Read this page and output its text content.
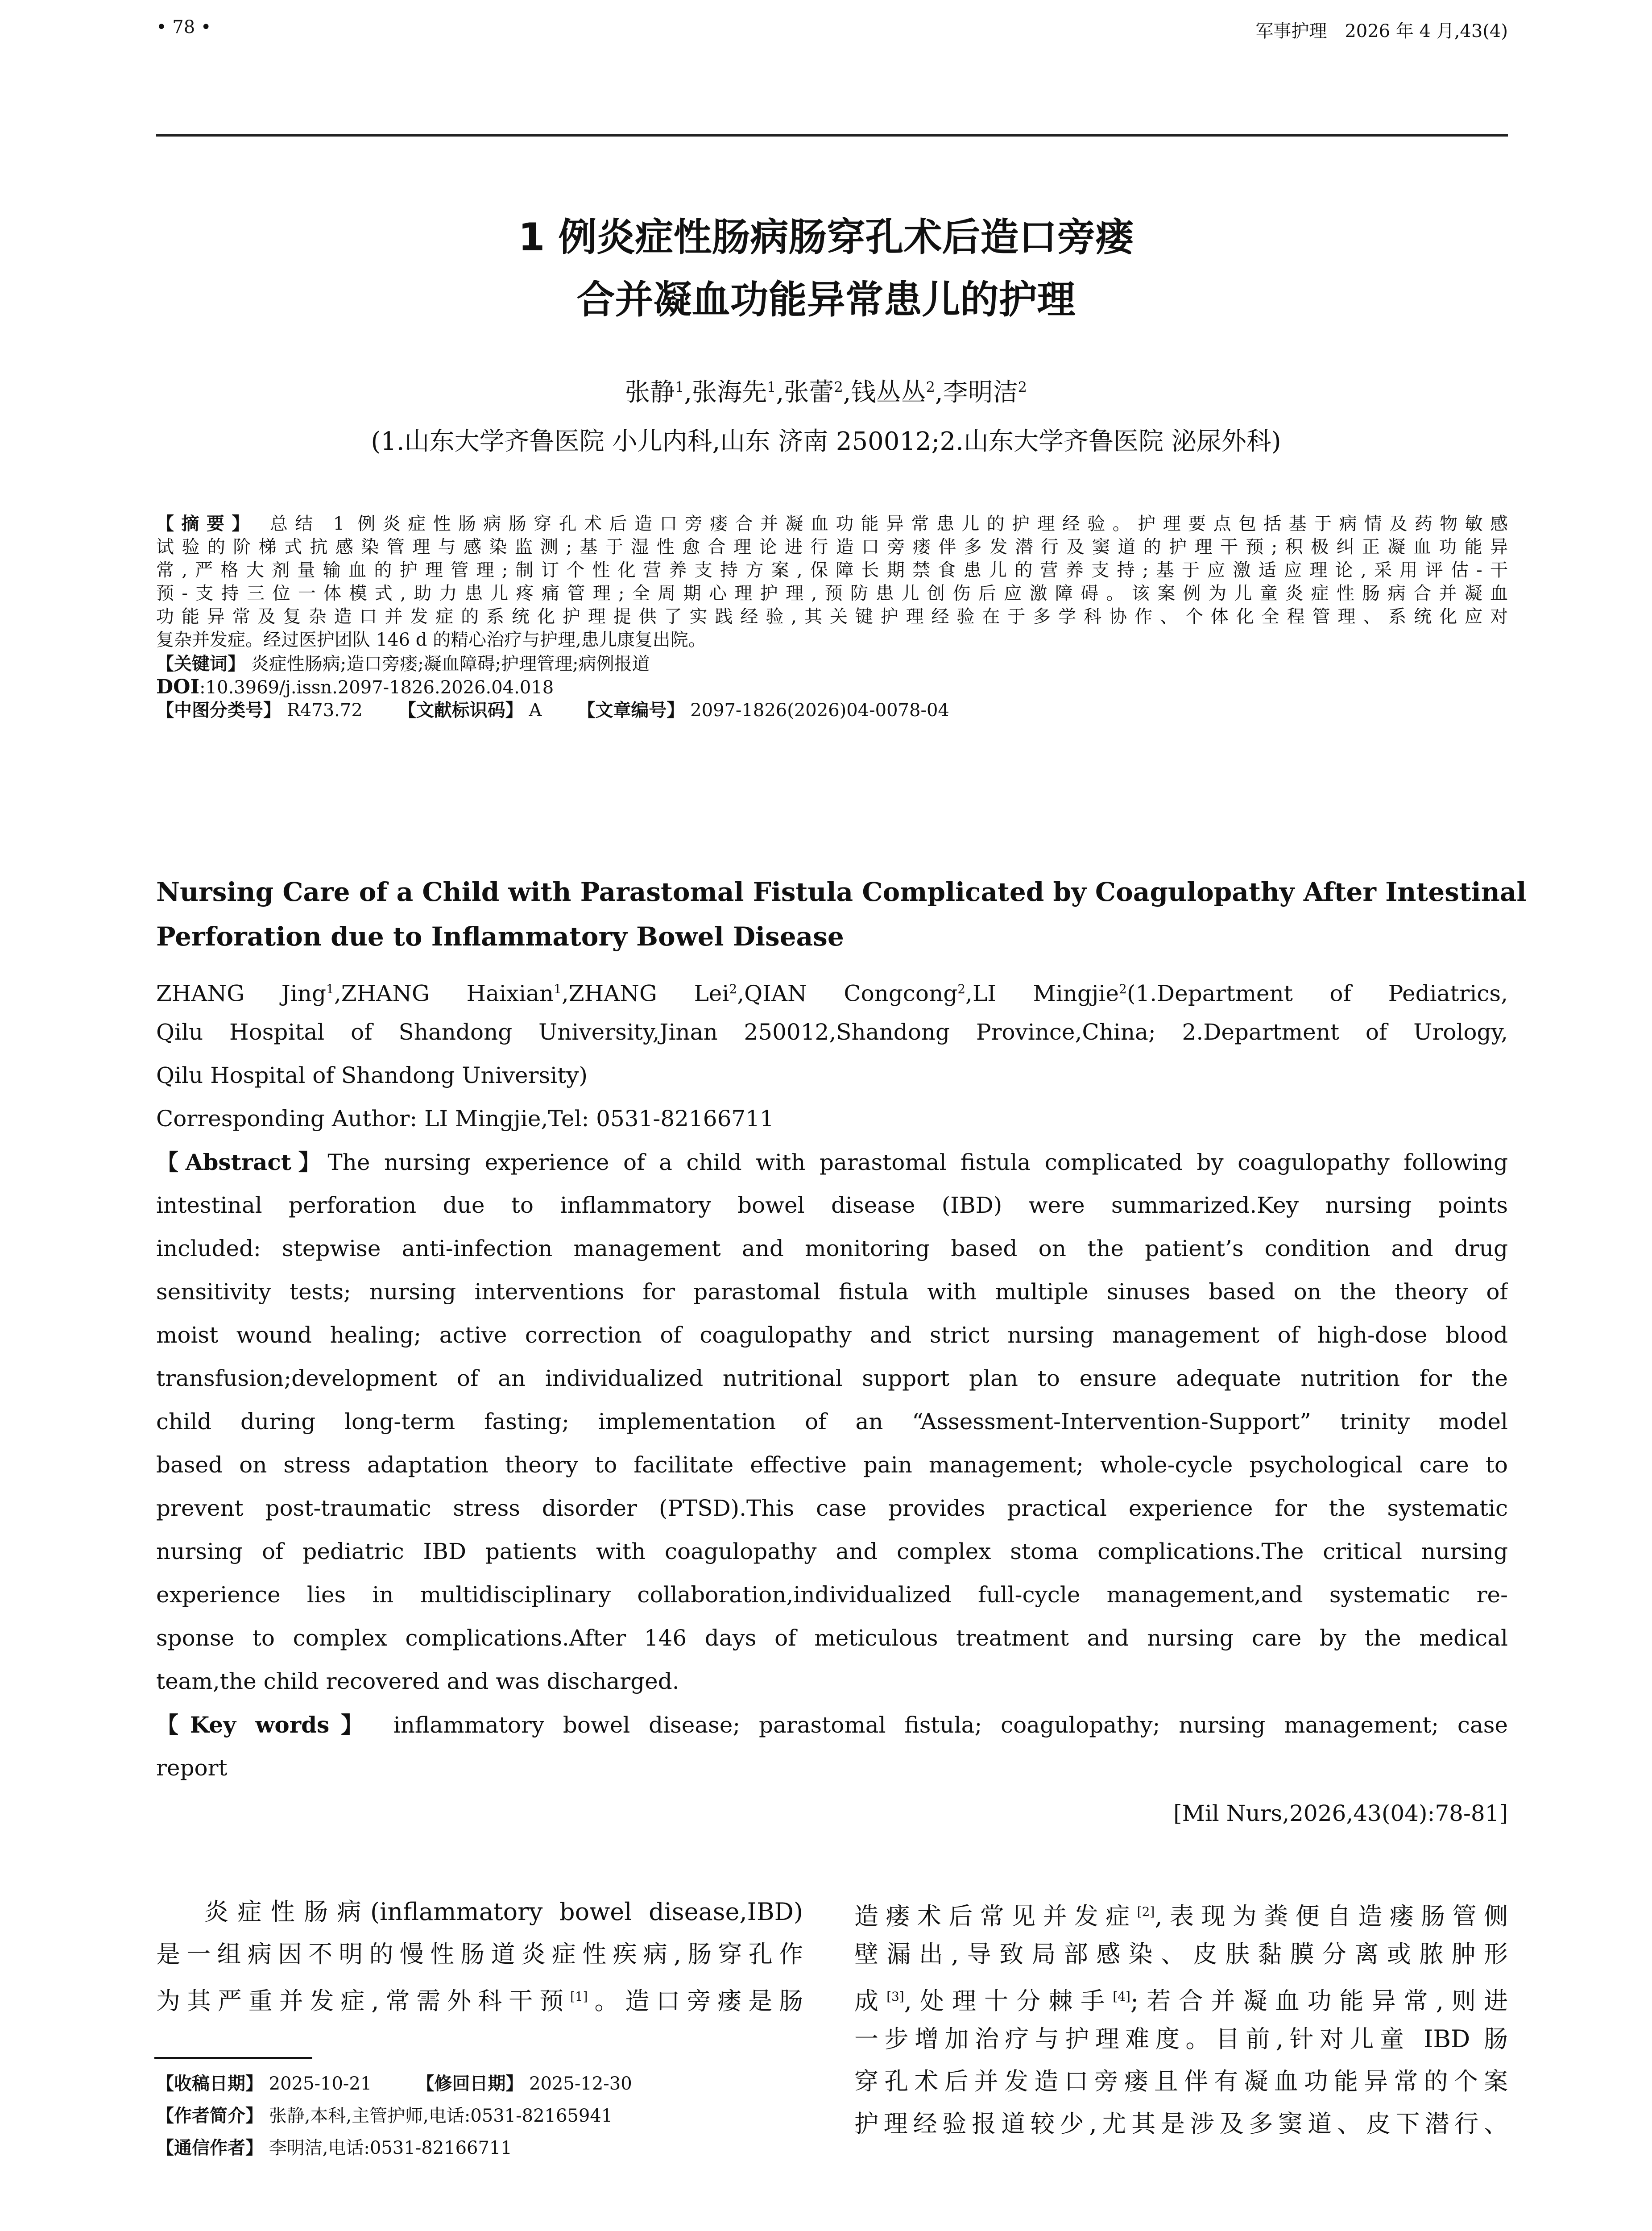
• 78 •	军事护理 2026 年 4 月,43(4)
1 例炎症性肠病肠穿孔术后造口旁瘘
合并凝血功能异常患儿的护理
张静$^1$,张海先$^1$,张蕾$^2$,钱丛丛$^2$,李明洁$^2$
(1.山东大学齐鲁医院 小儿内科,山东 济南 250012;2.山东大学齐鲁医院 泌尿外科)
【摘要】 总结 1 例炎症性肠病肠穿孔术后造口旁瘘合并凝血功能异常患儿的护理经验。护理要点包括基于病情及药物敏感
试验的阶梯式抗感染管理与感染监测;基于湿性愈合理论进行造口旁瘘伴多发潜行及窦道的护理干预;积极纠正凝血功能异
常,严格大剂量输血的护理管理;制订个性化营养支持方案,保障长期禁食患儿的营养支持;基于应激适应理论,采用评估-干
预-支持三位一体模式,助力患儿疼痛管理;全周期心理护理,预防患儿创伤后应激障碍。该案例为儿童炎症性肠病合并凝血
功能异常及复杂造口并发症的系统化护理提供了实践经验,其关键护理经验在于多学科协作、个体化全程管理、系统化应对
复杂并发症。经过医护团队 146 d 的精心治疗与护理,患儿康复出院。
【关键词】 炎症性肠病;造口旁瘘;凝血障碍;护理管理;病例报道
DOI:10.3969/j.issn.2097-1826.2026.04.018
【中图分类号】 R473.72 【文献标识码】 A 【文章编号】 2097-1826(2026)04-0078-04
Nursing Care of a Child with Parastomal Fistula Complicated by Coagulopathy After Intestinal
Perforation due to Inflammatory Bowel Disease
ZHANG Jing$^1$,ZHANG Haixian$^1$,ZHANG Lei$^2$,QIAN Congcong$^2$,LI Mingjie$^2$(1.Department of Pediatrics,
Qilu Hospital of Shandong University,Jinan 250012,Shandong Province,China; 2.Department of Urology,
Qilu Hospital of Shandong University)
Corresponding Author: LI Mingjie,Tel: 0531-82166711
【Abstract】The nursing experience of a child with parastomal fistula complicated by coagulopathy following
intestinal perforation due to inflammatory bowel disease (IBD) were summarized.Key nursing points
included: stepwise anti-infection management and monitoring based on the patient’s condition and drug
sensitivity tests; nursing interventions for parastomal fistula with multiple sinuses based on the theory of
moist wound healing; active correction of coagulopathy and strict nursing management of high-dose blood
transfusion;development of an individualized nutritional support plan to ensure adequate nutrition for the
child during long-term fasting; implementation of an “Assessment-Intervention-Support” trinity model
based on stress adaptation theory to facilitate effective pain management; whole-cycle psychological care to
prevent post-traumatic stress disorder (PTSD).This case provides practical experience for the systematic
nursing of pediatric IBD patients with coagulopathy and complex stoma complications.The critical nursing
experience lies in multidisciplinary collaboration,individualized full-cycle management,and systematic re-
sponse to complex complications.After 146 days of meticulous treatment and nursing care by the medical
team,the child recovered and was discharged.
【Key words】 inflammatory bowel disease; parastomal fistula; coagulopathy; nursing management; case
report
[Mil Nurs,2026,43(04):78-81]
炎症性肠病(inflammatory bowel disease,IBD)
是一组病因不明的慢性肠道炎症性疾病,肠穿孔作
为其严重并发症,常需外科干预[1]。造口旁瘘是肠
造瘘术后常见并发症[2],表现为粪便自造瘘肠管侧
壁漏出,导致局部感染、皮肤黏膜分离或脓肿形
成[3],处理十分棘手[4];若合并凝血功能异常,则进
一步增加治疗与护理难度。目前,针对儿童 IBD 肠
穿孔术后并发造口旁瘘且伴有凝血功能异常的个案
护理经验报道较少,尤其是涉及多窦道、皮下潜行、
【收稿日期】 2025-10-21	【修回日期】 2025-12-30
【作者简介】 张静,本科,主管护师,电话:0531-82165941
【通信作者】 李明洁,电话:0531-82166711
